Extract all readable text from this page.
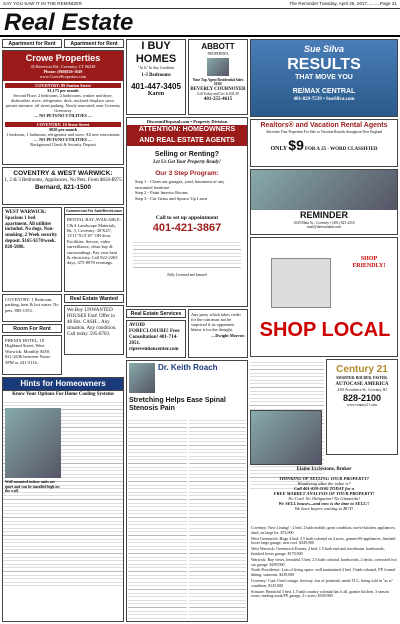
SAY YOU SAW IT IN THE REMINDER	The Reminder Tuesday, April 25, 2017..........Page 21
Real Estate
Apartment for Rent	Apartment for Rent
Crowe Properties
45 Reservoir Rd., Coventry, CT 06238
Phone: (860)826-1649
www.CroweProperties.com
COVENTRY: 89 Station Street
$1,175 per month
Second Floor: 2 bedrooms, 2 bathrooms, washer and dryer, dishwasher, stove, refrigerator, deck, enclosed fireplace stove, private entrance, off street parking. Newly renovated, near Coventry Greenway
— NO PETS/NO UTILITIES —
COVENTRY: 10 Stone Street
$820 per month
1 bedroom, 1 bathroom, refrigerator and stove. All new renovations
— NO PETS/NO UTILITIES —
Background Check & Security Deposit
I BUY
HOMES
"As Is" In Any Condition
1-3 Bedrooms
401-447-3405
Karen
ABBOTT
PROPERTIES
Your Top Agent Residential Sales 2016!
BEVERLY COURNOYER
Call Today and Get It SOLD!
401-255-4615
Sue Silva
RESULTS
THAT MOVE YOU
RE/MAX CENTRAL
401-829-7539 • SueSilva.com
DiscountDisposal.com • Property Division
ATTENTION: HOMEOWNERS
AND REAL ESTATE AGENTS
Selling or Renting?
Let Us Get Your Property Ready!
Our 3 Step Program:
Step 1 - Clean out garages, yard, basement of any unwanted furniture
Step 2 - Paint Interior Rooms
Step 3 - Cut Grass and Spruce Up Lawn
Call to set up appointment
401-421-3867
Fully Licensed and Insured
Realtors® and Vacation Rental Agents
Advertise Your Properties For Sale or Vacation Rentals throughout New England
ONLY $9 FOR A 25 - WORD CLASSIFIED
REMINDER
1049 Main St., Coventry • (401) 821-2216
mail@theremindar.com
COVENTRY & WEST WARWICK:
1, 2 & 3 Bedrooms, Appliances, No Pets. From $650-$975
Bernard, 821-1500
WEST WARWICK:
Spacious 1 bed apartment. All utilities included. No dogs. Non-smoking. 2 Week security deposit. $165-$170/week. 828-5886.
Commercial For Sale/Rent/Lease
RENTAL BAY AVAILABLE: C&A Landscape Materials, Rt. 3, Coventry. 30'X25', 13'11"X13'10" OH door. Facilities. Secure, video surveillance, clean bay & surroundings. Pay own heat & electricity. Call 822-2265 days, 475-8978 evenings.
COVENTRY: 1 Bedroom, parking, heat & hot water. No pets. 885-1353.
Room For Rent
Real Estate Wanted
PHENIX HOTEL, 18 Highland Street, West Warwick: Monthly $450. 821-2636 between Noon-5PM or 241-5116.
We Buy UNWANTED HOUSES Fast! Offer in 48 Hrs. CASH... Any situation. Any condition. Call today. 595-8703.
Real Estate Services
AVOID FORECLOSURE! Free Consultation! 401-714-2051. ripreventioncenter.com
Any party which takes credit for the rain must not be surprised if its opponents blame it for the drought.
—Dwight Morrow
SHOP FRIENDLY!
SHOP LOCAL
Hints for Homeowners
Know Your Options For Home Cooling Systems
Wall-mounted indoor units are quiet and can be installed high on the wall.
Dr. Keith Roach
Stretching Helps Ease Spinal Stenosis Pain
Century 21
SMARTER. BOLDER. FASTER.
AUTOCASE AMERICA
2301 Providence St., Coventry, RI
828-2100
www.century21.com
Elaine Ecclestone, Broker
THINKING OF SELLING YOUR PROPERTY?
Wondering what the value is?
Call 401-828-2100 TODAY for a
FREE MARKET ANALYSIS OF YOUR PROPERTY!
No Cost! No Obligation! No Gimmicks!
We SELL houses...and now is the time to SELL!!
We have buyers waiting to BUY!
Coventry: New Listing! - 2 bed, 2 bath mobile, great condition, eat-in-kitchen, appliances, shed, on large lot. $74,900
West Greenwich: Huge 4 bed, 3.5 bath colonial on 4 acres, granite/SS appliances, finished lower large garage, new roof. $349,900
West Warwick: Greenwich Estates, 2 bed, 1.5 bath end unit townhouse, hardwoods, finished lower garage. $179,900
Warwick: Bay views, beautiful 3 bed, 2.5 bath colonial, hardwoods, 2 decks, oversized two car garage. $299,900
North Providence: Lots of living space, well maintained 4 bed, 3 bath colonial, FP, formal dining, sunroom. $239,000
Coventry: Cute 3 bed cottage, freeway, lots of potential, needs TLC, being sold in "as is" condition. $125,000
Scituate: Beautiful 3 bed, 1.5 bath country colonial has it all, granite kitchen, 3 season room, reading nook/FP, garage, 2+ acres. $339,900
